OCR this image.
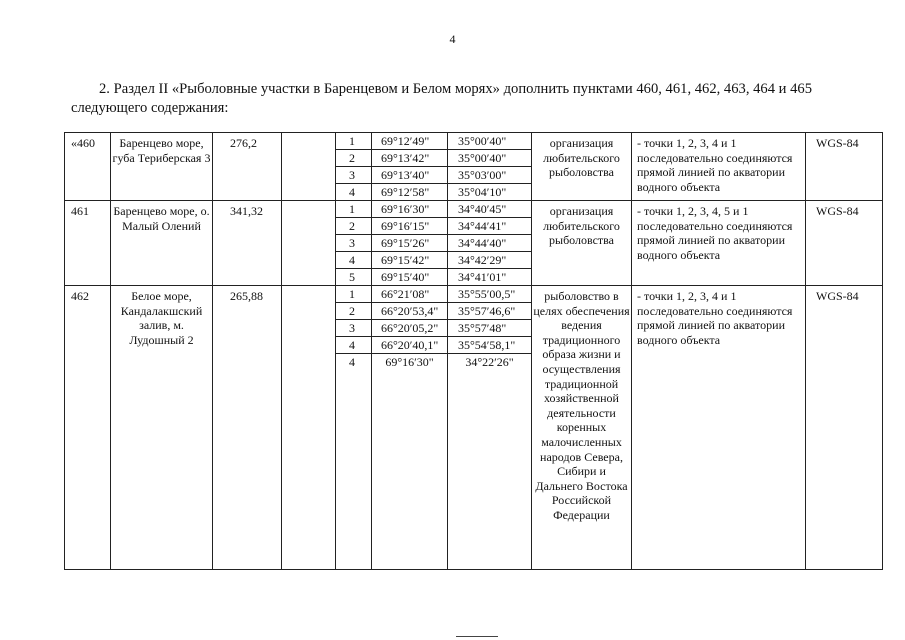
4
2. Раздел II «Рыболовные участки в Баренцевом и Белом морях» дополнить пунктами 460, 461, 462, 463, 464 и 465
следующего содержания:
«460	Баренцево море, губа Териберская 3	276,2		1	69°12′49"	35°00′40"	организация любительского рыболовства	- точки 1, 2, 3, 4 и 1 последовательно соединяются прямой линией по акватории водного объекта	WGS-84

				2	69°13′42"	35°00′40"			

				3	69°13′40"	35°03′00"			

				4	69°12′58"	35°04′10"			

461	Баренцево море, о. Малый Олений	341,32		1	69°16′30"	34°40′45"	организация любительского рыболовства	- точки 1, 2, 3, 4, 5 и 1 последовательно соединяются прямой линией по акватории водного объекта	WGS-84

				2	69°16′15"	34°44′41"			

				3	69°15′26"	34°44′40"			

				4	69°15′42"	34°42′29"			

				5	69°15′40"	34°41′01"			

462	Белое море, Кандалакшский залив, м. Лудошный 2	265,88		1	66°21′08"	35°55′00,5"	рыболовство в целях обеспечения ведения традиционного образа жизни и осуществления традиционной хозяйственной деятельности коренных малочисленных народов Севера, Сибири и Дальнего Востока Российской Федерации	- точки 1, 2, 3, 4 и 1 последовательно соединяются прямой линией по акватории водного объекта	WGS-84

				2	66°20′53,4"	35°57′46,6"			

				3	66°20′05,2"	35°57′48"			

				4	66°20′40,1"	35°54′58,1"			

				4	69°16′30"	34°22′26"			
